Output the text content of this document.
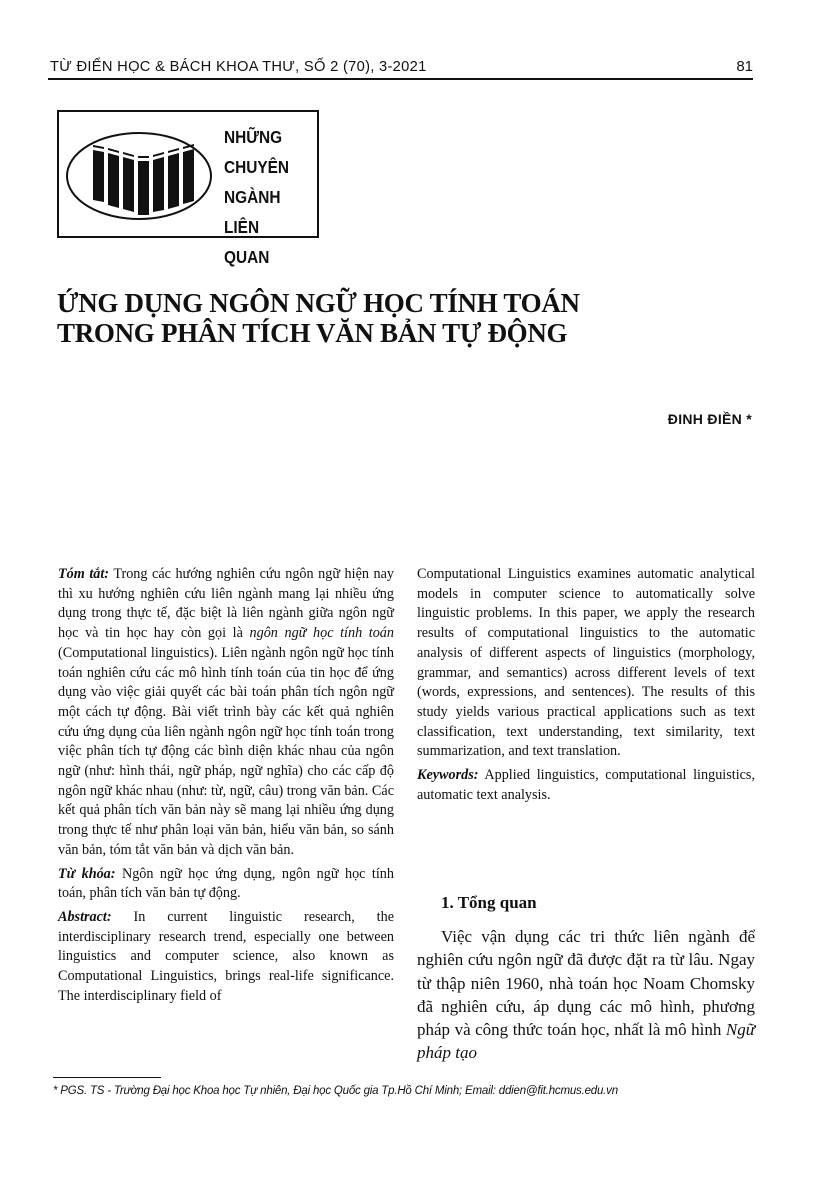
TỪ ĐIỂN HỌC & BÁCH KHOA THƯ, SỐ 2 (70), 3-2021	81
NHỮNG
CHUYÊN
NGÀNH
LIÊN QUAN
ỨNG DỤNG NGÔN NGỮ HỌC TÍNH TOÁN
TRONG PHÂN TÍCH VĂN BẢN TỰ ĐỘNG
ĐINH ĐIỀN *

Tóm tắt: Trong các hướng nghiên cứu ngôn ngữ hiện nay thì xu hướng nghiên cứu liên ngành mang lại nhiều ứng dụng trong thực tế, đặc biệt là liên ngành giữa ngôn ngữ học và tin học hay còn gọi là ngôn ngữ học tính toán (Computational linguistics). Liên ngành ngôn ngữ học tính toán nghiên cứu các mô hình tính toán của tin học để ứng dụng vào việc giải quyết các bài toán phân tích ngôn ngữ một cách tự động. Bài viết trình bày các kết quả nghiên cứu ứng dụng của liên ngành ngôn ngữ học tính toán trong việc phân tích tự động các bình diện khác nhau của ngôn ngữ (như: hình thái, ngữ pháp, ngữ nghĩa) cho các cấp độ ngôn ngữ khác nhau (như: từ, ngữ, câu) trong văn bản. Các kết quả phân tích văn bản này sẽ mang lại nhiều ứng dụng trong thực tế như phân loại văn bản, hiểu văn bản, so sánh văn bản, tóm tắt văn bản và dịch văn bản.

Từ khóa: Ngôn ngữ học ứng dụng, ngôn ngữ học tính toán, phân tích văn bản tự động.

Abstract: In current linguistic research, the interdisciplinary research trend, especially one between linguistics and computer science, also known as Computational Linguistics, brings real-life significance. The interdisciplinary field of

Computational Linguistics examines automatic analytical models in computer science to automatically solve linguistic problems. In this paper, we apply the research results of computational linguistics to the automatic analysis of different aspects of linguistics (morphology, grammar, and semantics) across different levels of text (words, expressions, and sentences). The results of this study yields various practical applications such as text classification, text understanding, text similarity, text summarization, and text translation.

Keywords: Applied linguistics, computational linguistics, automatic text analysis.

1. Tổng quan

Việc vận dụng các tri thức liên ngành để nghiên cứu ngôn ngữ đã được đặt ra từ lâu. Ngay từ thập niên 1960, nhà toán học Noam Chomsky đã nghiên cứu, áp dụng các mô hình, phương pháp và công thức toán học, nhất là mô hình Ngữ pháp tạo

* PGS. TS - Trường Đại học Khoa học Tự nhiên, Đại học Quốc gia Tp.Hồ Chí Minh; Email: ddien@fit.hcmus.edu.vn
